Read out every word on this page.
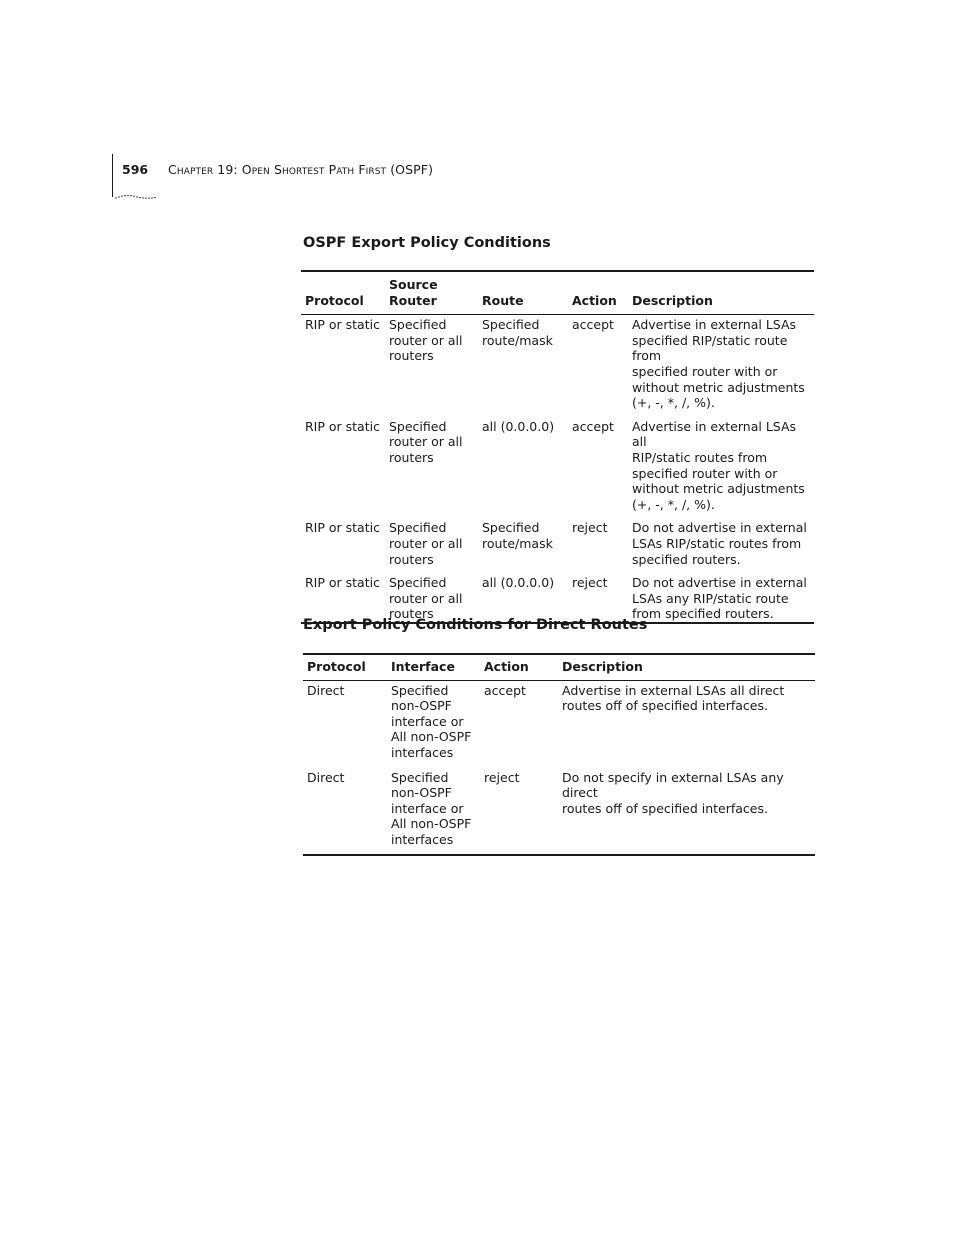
596 Chapter 19: Open Shortest Path First (OSPF)
OSPF Export Policy Conditions
Protocol	Source
Router	Route	Action	Description
RIP or static	Specified
router or all
routers	Specified
route/mask	accept	Advertise in external LSAs
specified RIP/static route from
specified router with or
without metric adjustments
(+, -, *, /, %).
RIP or static	Specified
router or all
routers	all (0.0.0.0)	accept	Advertise in external LSAs all
RIP/static routes from
specified router with or
without metric adjustments
(+, -, *, /, %).
RIP or static	Specified
router or all
routers	Specified
route/mask	reject	Do not advertise in external
LSAs RIP/static routes from
specified routers.
RIP or static	Specified
router or all
routers	all (0.0.0.0)	reject	Do not advertise in external
LSAs any RIP/static route
from specified routers.
Export Policy Conditions for Direct Routes
Protocol	Interface	Action	Description
Direct	Specified
non-OSPF
interface or
All non-OSPF
interfaces	accept	Advertise in external LSAs all direct
routes off of specified interfaces.
Direct	Specified
non-OSPF
interface or
All non-OSPF
interfaces	reject	Do not specify in external LSAs any direct
routes off of specified interfaces.
